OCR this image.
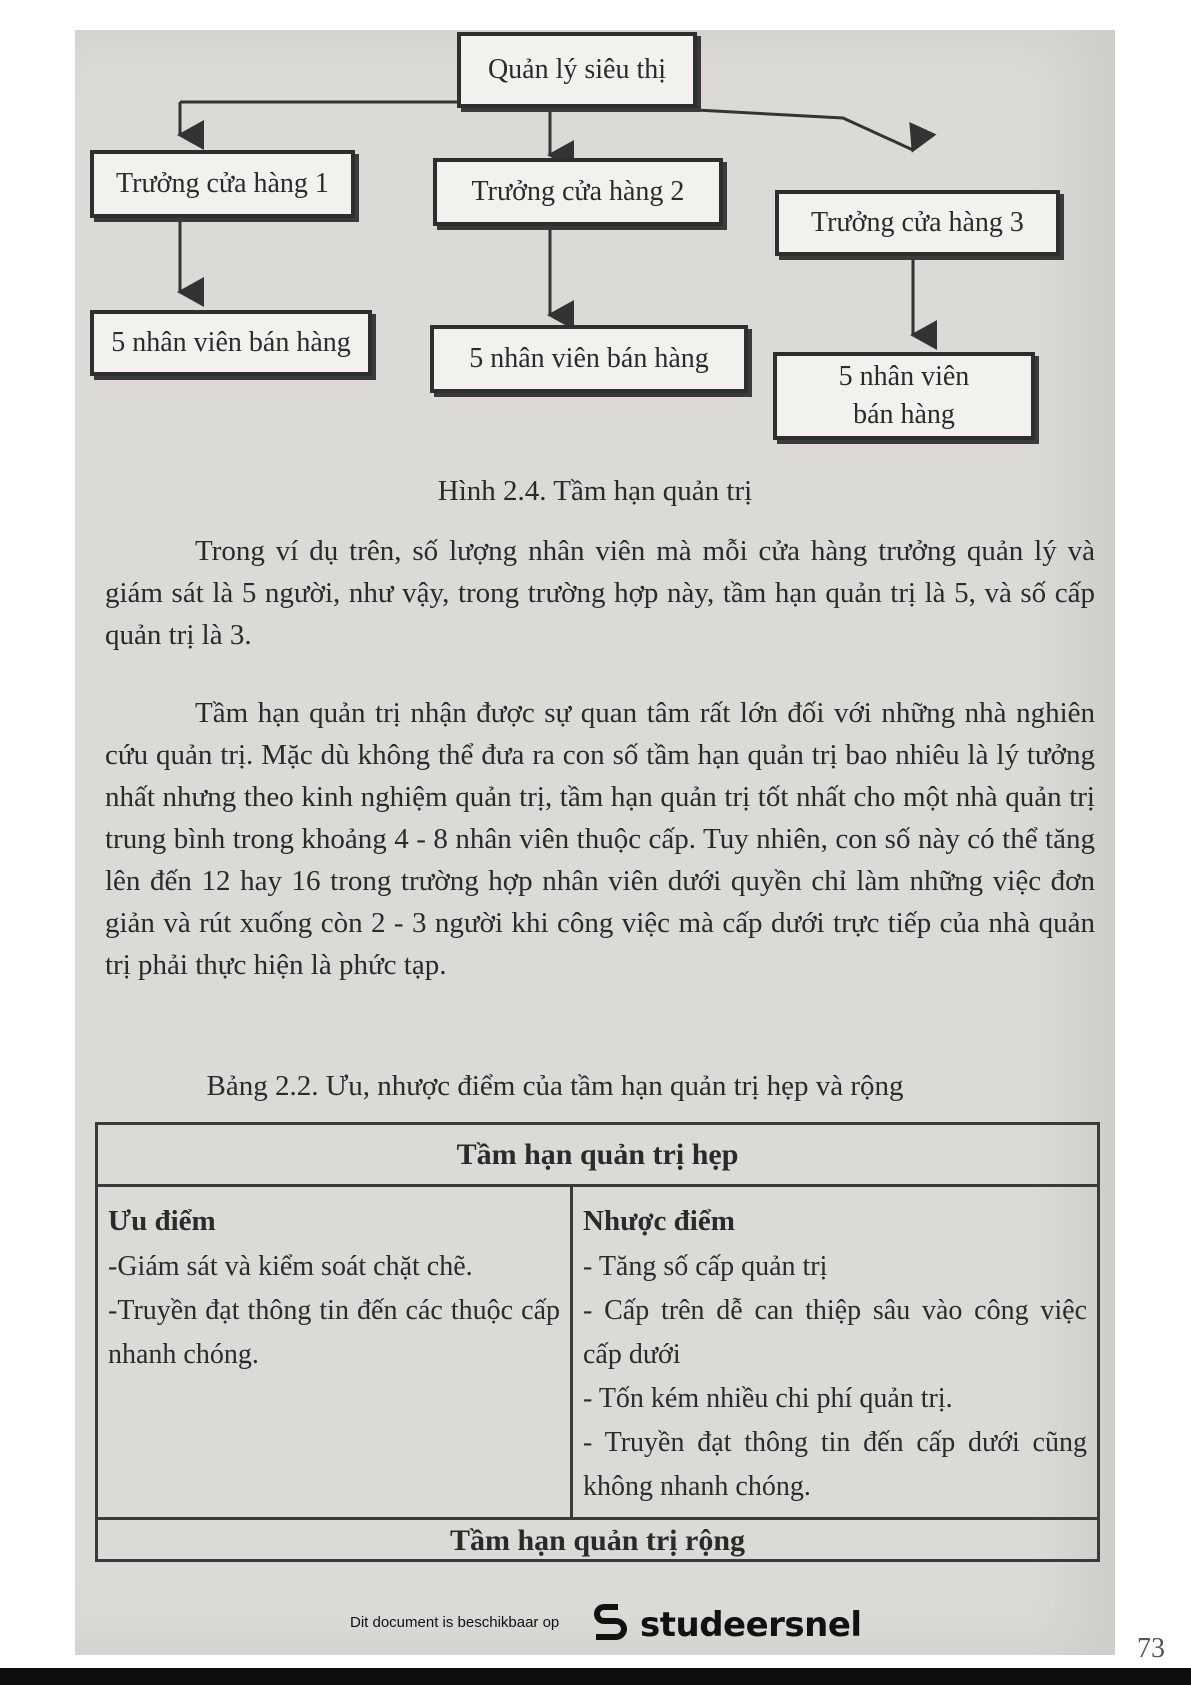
Quản lý siêu thị
Trưởng cửa hàng 1	Trưởng cửa hàng 2
Trưởng cửa hàng 3
5 nhân viên bán hàng
5 nhân viên bán hàng
5 nhân viên bán hàng
Hình 2.4. Tầm hạn quản trị

Trong ví dụ trên, số lượng nhân viên mà mỗi cửa hàng trưởng quản lý và giám sát là 5 người, như vậy, trong trường hợp này, tầm hạn quản trị là 5, và số cấp quản trị là 3.

Tầm hạn quản trị nhận được sự quan tâm rất lớn đối với những nhà nghiên cứu quản trị. Mặc dù không thể đưa ra con số tầm hạn quản trị bao nhiêu là lý tưởng nhất nhưng theo kinh nghiệm quản trị, tầm hạn quản trị tốt nhất cho một nhà quản trị trung bình trong khoảng 4 - 8 nhân viên thuộc cấp. Tuy nhiên, con số này có thể tăng lên đến 12 hay 16 trong trường hợp nhân viên dưới quyền chỉ làm những việc đơn giản và rút xuống còn 2 - 3 người khi công việc mà cấp dưới trực tiếp của nhà quản trị phải thực hiện là phức tạp.

Bảng 2.2. Ưu, nhược điểm của tầm hạn quản trị hẹp và rộng
Tầm hạn quản trị hẹp
Ưu điểm

-Giám sát và kiểm soát chặt chẽ.

-Truyền đạt thông tin đến các thuộc cấp nhanh chóng.

Nhược điểm

- Tăng số cấp quản trị

- Cấp trên dễ can thiệp sâu vào công việc cấp dưới

- Tốn kém nhiều chi phí quản trị.

- Truyền đạt thông tin đến cấp dưới cũng không nhanh chóng.

Tầm hạn quản trị rộng
73
Dit document is beschikbaar op studeersnel
